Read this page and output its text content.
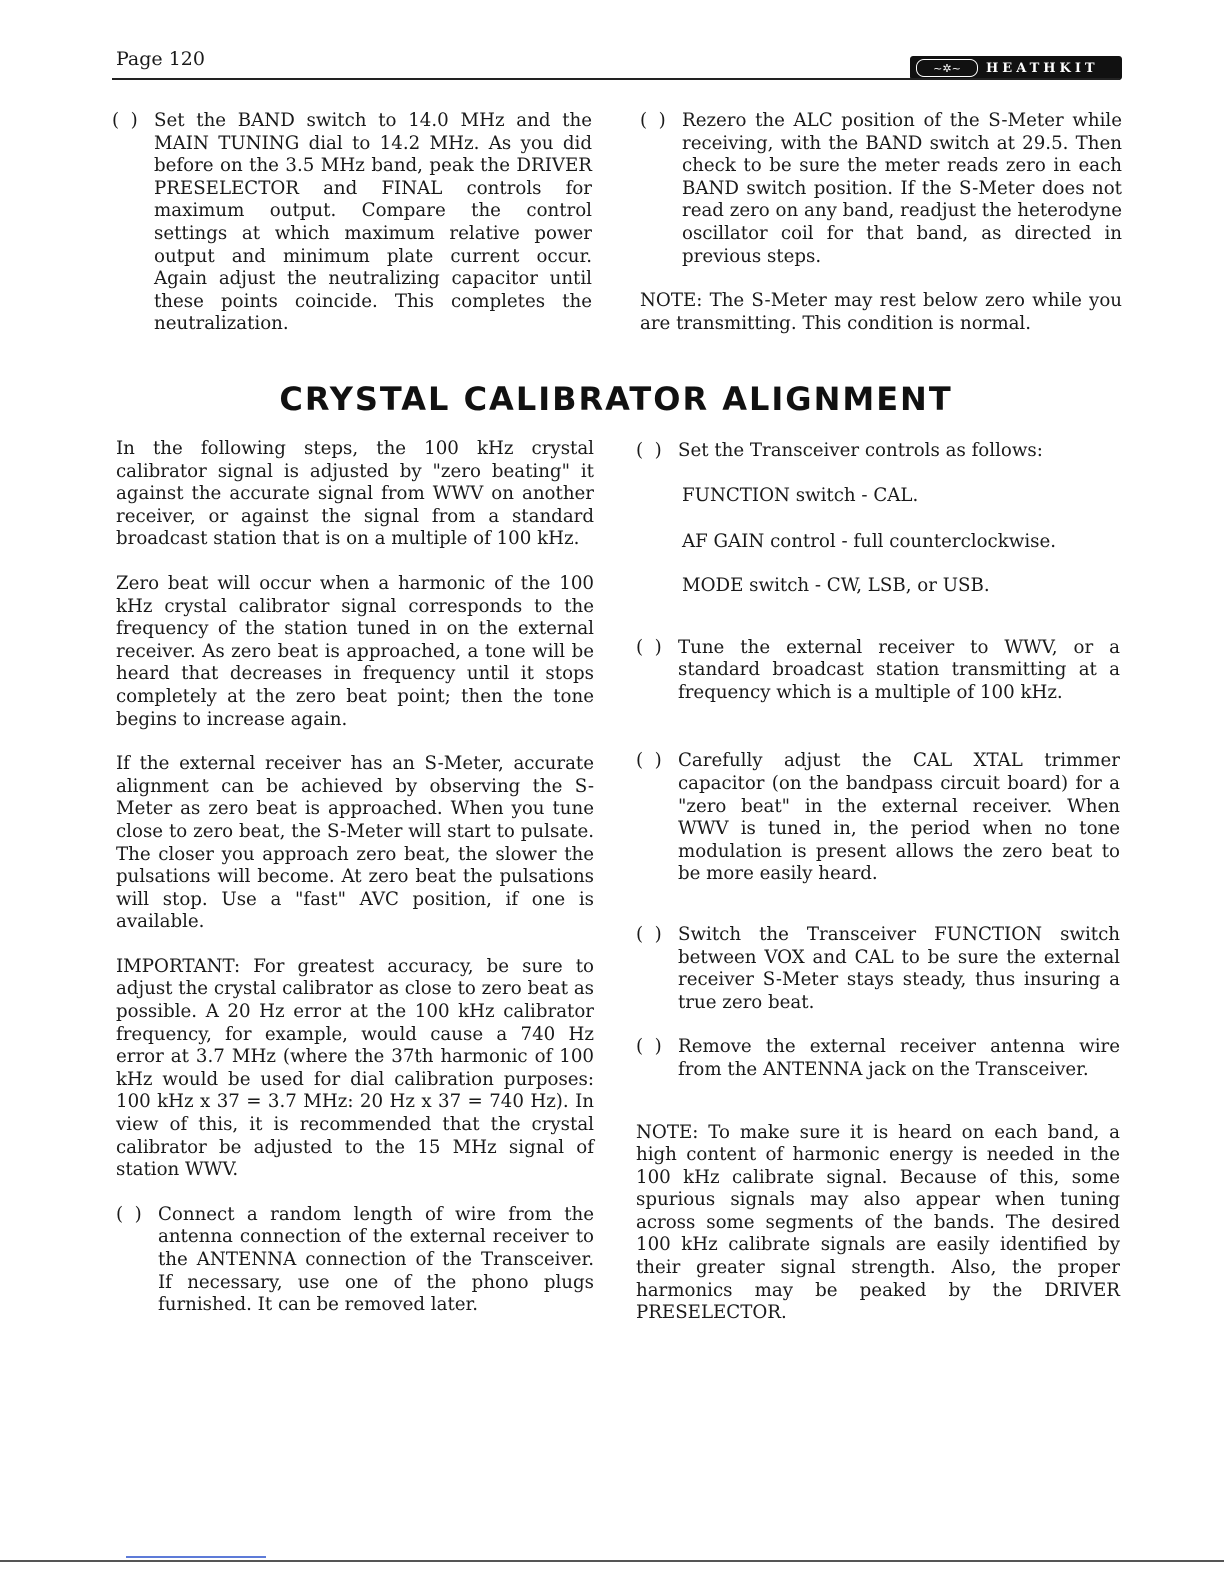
Page 120	~✲~	HEATHKIT
(  ) Set the BAND switch to 14.0 MHz and the MAIN TUNING dial to 14.2 MHz. As you did before on the 3.5 MHz band, peak the DRIVER PRESELECTOR and FINAL controls for maximum output. Compare the control settings at which maximum relative power output and minimum plate current occur. Again adjust the neutralizing capacitor until these points coincide. This completes the neutralization.
(  ) Rezero the ALC position of the S-Meter while receiving, with the BAND switch at 29.5. Then check to be sure the meter reads zero in each BAND switch position. If the S-Meter does not read zero on any band, readjust the heterodyne oscillator coil for that band, as directed in previous steps.
NOTE: The S-Meter may rest below zero while you are transmitting. This condition is normal.
CRYSTAL CALIBRATOR ALIGNMENT

In the following steps, the 100 kHz crystal calibrator signal is adjusted by "zero beating" it against the accurate signal from WWV on another receiver, or against the signal from a standard broadcast station that is on a multiple of 100 kHz.

Zero beat will occur when a harmonic of the 100 kHz crystal calibrator signal corresponds to the frequency of the station tuned in on the external receiver. As zero beat is approached, a tone will be heard that decreases in frequency until it stops completely at the zero beat point; then the tone begins to increase again.

If the external receiver has an S-Meter, accurate alignment can be achieved by observing the S-Meter as zero beat is approached. When you tune close to zero beat, the S-Meter will start to pulsate. The closer you approach zero beat, the slower the pulsations will become. At zero beat the pulsations will stop. Use a "fast" AVC position, if one is available.

IMPORTANT: For greatest accuracy, be sure to adjust the crystal calibrator as close to zero beat as possible. A 20 Hz error at the 100 kHz calibrator frequency, for example, would cause a 740 Hz error at 3.7 MHz (where the 37th harmonic of 100 kHz would be used for dial calibration purposes: 100 kHz x 37 = 3.7 MHz: 20 Hz x 37 = 740 Hz). In view of this, it is recommended that the crystal calibrator be adjusted to the 15 MHz signal of station WWV.

(  ) Connect a random length of wire from the antenna connection of the external receiver to the ANTENNA connection of the Transceiver. If necessary, use one of the phono plugs furnished. It can be removed later.
(  ) Set the Transceiver controls as follows:
FUNCTION switch - CAL.
AF GAIN control - full counterclockwise.
MODE switch - CW, LSB, or USB.
(  ) Tune the external receiver to WWV, or a standard broadcast station transmitting at a frequency which is a multiple of 100 kHz.
(  ) Carefully adjust the CAL XTAL trimmer capacitor (on the bandpass circuit board) for a "zero beat" in the external receiver. When WWV is tuned in, the period when no tone modulation is present allows the zero beat to be more easily heard.
(  ) Switch the Transceiver FUNCTION switch between VOX and CAL to be sure the external receiver S-Meter stays steady, thus insuring a true zero beat.
(  ) Remove the external receiver antenna wire from the ANTENNA jack on the Transceiver.

NOTE: To make sure it is heard on each band, a high content of harmonic energy is needed in the 100 kHz calibrate signal. Because of this, some spurious signals may also appear when tuning across some segments of the bands. The desired 100 kHz calibrate signals are easily identified by their greater signal strength. Also, the proper harmonics may be peaked by the DRIVER PRESELECTOR.
